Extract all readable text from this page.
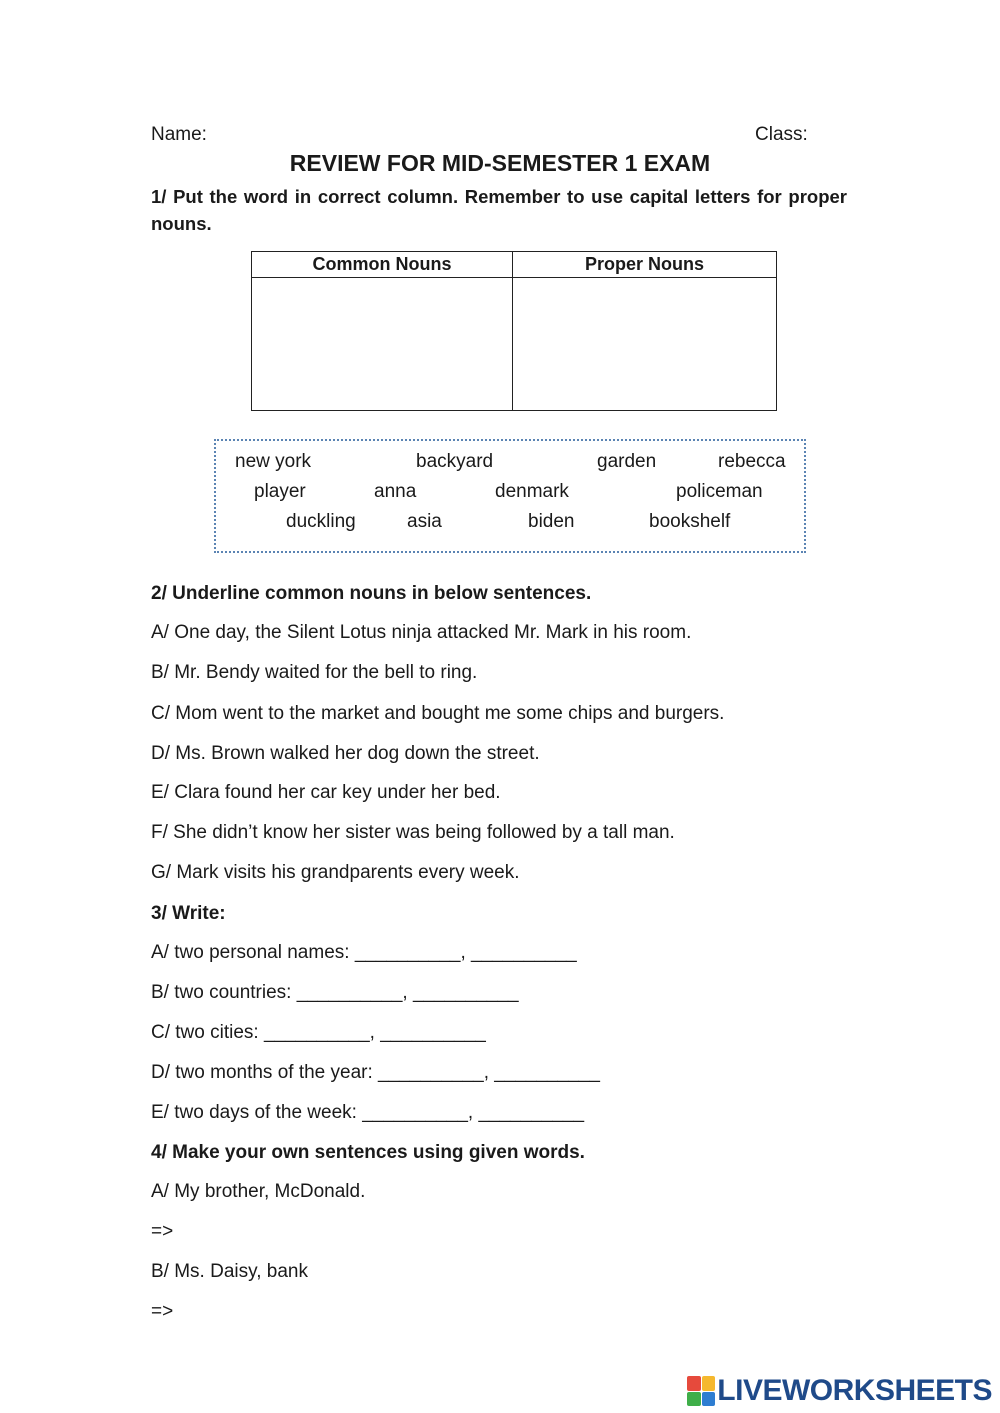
Name:	Class:
REVIEW FOR MID-SEMESTER 1 EXAM
1/ Put the word in correct column. Remember to use capital letters for proper nouns.
Common Nouns	Proper Nouns

new york	backyard	garden	rebecca
player	anna	denmark	policeman
duckling	asia	biden	bookshelf
2/ Underline common nouns in below sentences.
A/ One day, the Silent Lotus ninja attacked Mr. Mark in his room.
B/ Mr. Bendy waited for the bell to ring.
C/ Mom went to the market and bought me some chips and burgers.
D/ Ms. Brown walked her dog down the street.
E/ Clara found her car key under her bed.
F/ She didn’t know her sister was being followed by a tall man.
G/ Mark visits his grandparents every week.
3/ Write:
A/ two personal names: __________, __________
B/ two countries: __________, __________
C/ two cities: __________, __________
D/ two months of the year: __________, __________
E/ two days of the week: __________, __________
4/ Make your own sentences using given words.
A/ My brother, McDonald.
=>
B/ Ms. Daisy, bank
=>
LIVEWORKSHEETS
